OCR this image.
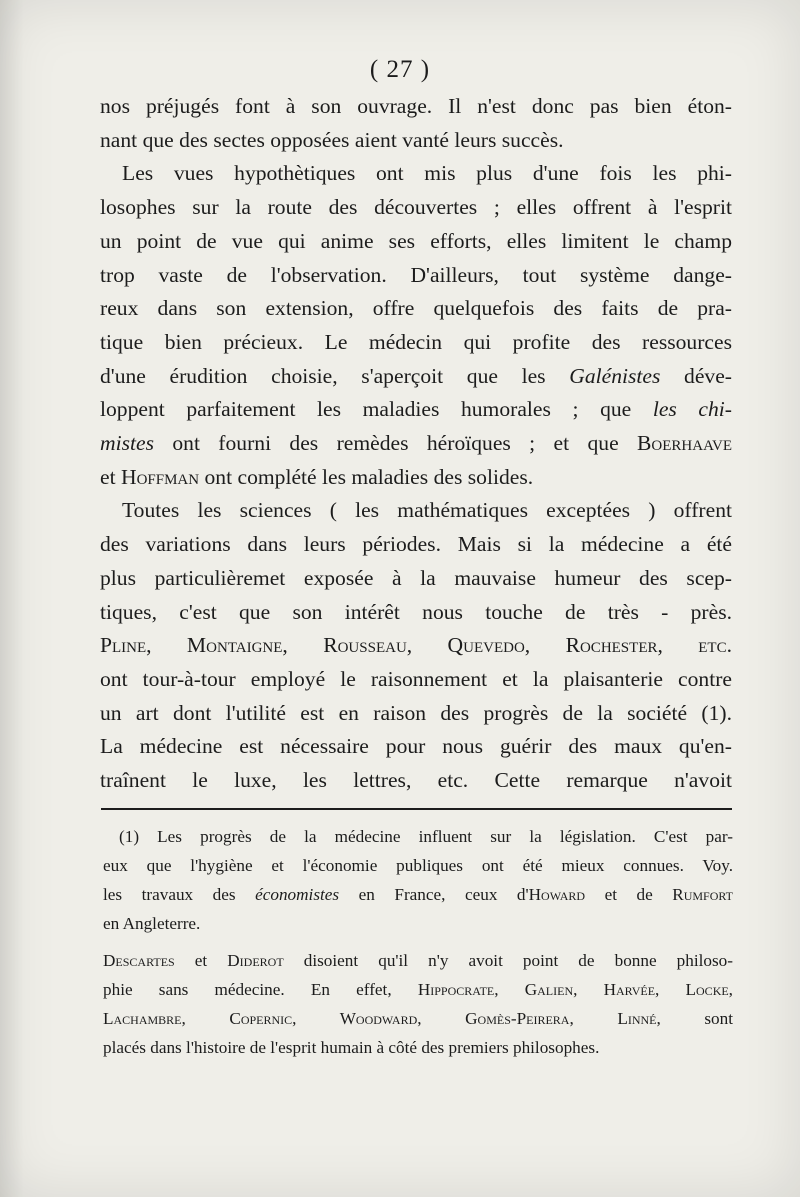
( 27 )
nos préjugés font à son ouvrage. Il n'est donc pas bien éton-
nant que des sectes opposées aient vanté leurs succès.
Les vues hypothètiques ont mis plus d'une fois les phi-
losophes sur la route des découvertes ; elles offrent à l'esprit
un point de vue qui anime ses efforts, elles limitent le champ
trop vaste de l'observation. D'ailleurs, tout système dange-
reux dans son extension, offre quelquefois des faits de pra-
tique bien précieux. Le médecin qui profite des ressources
d'une érudition choisie, s'aperçoit que les Galénistes déve-
loppent parfaitement les maladies humorales ; que les chi-
mistes ont fourni des remèdes héroïques ; et que Boerhaave
et Hoffman ont complété les maladies des solides.
Toutes les sciences ( les mathématiques exceptées ) offrent
des variations dans leurs périodes. Mais si la médecine a été
plus particulièremet exposée à la mauvaise humeur des scep-
tiques, c'est que son intérêt nous touche de très - près.
Pline, Montaigne, Rousseau, Quevedo, Rochester, etc.
ont tour-à-tour employé le raisonnement et la plaisanterie contre
un art dont l'utilité est en raison des progrès de la société (1).
La médecine est nécessaire pour nous guérir des maux qu'en-
traînent le luxe, les lettres, etc. Cette remarque n'avoit
(1) Les progrès de la médecine influent sur la législation. C'est par-
eux que l'hygiène et l'économie publiques ont été mieux connues. Voy.
les travaux des économistes en France, ceux d'Howard et de Rumfort
en Angleterre.
Descartes et Diderot disoient qu'il n'y avoit point de bonne philoso-
phie sans médecine. En effet, Hippocrate, Galien, Harvée, Locke,
Lachambre, Copernic, Woodward, Gomès-Peirera, Linné, sont
placés dans l'histoire de l'esprit humain à côté des premiers philosophes.
